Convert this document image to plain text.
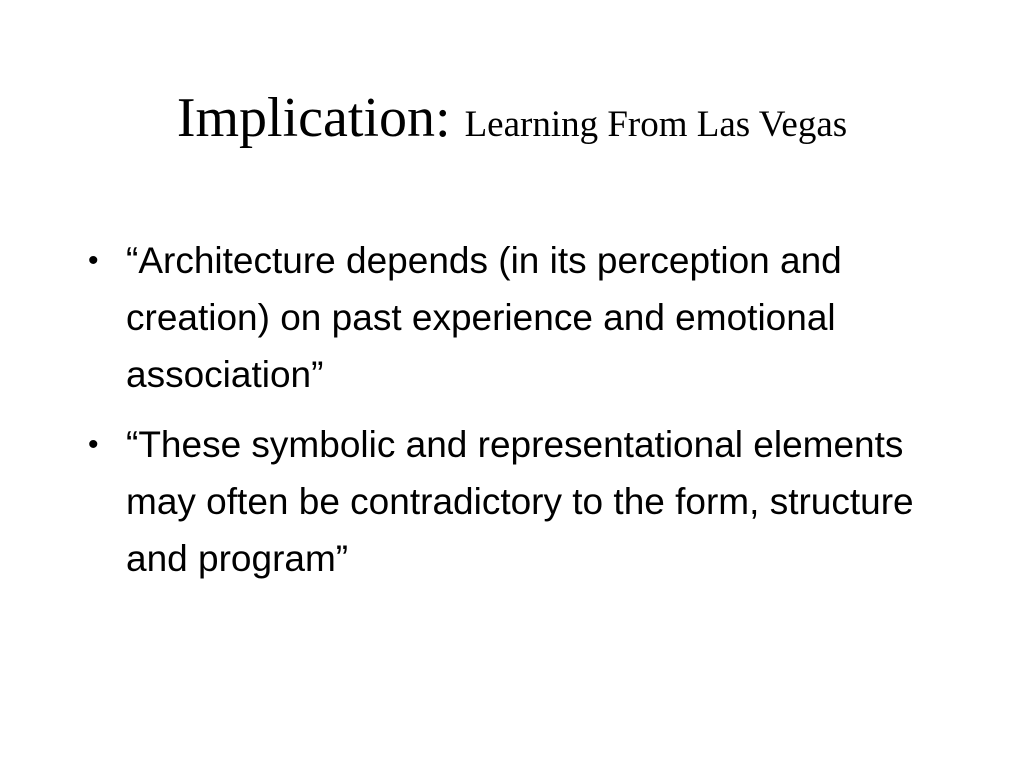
Implication: Learning From Las Vegas
• “Architecture depends (in its perception and creation) on past experience and emotional association”
• “These symbolic and representational elements may often be contradictory to the form, structure and program”
